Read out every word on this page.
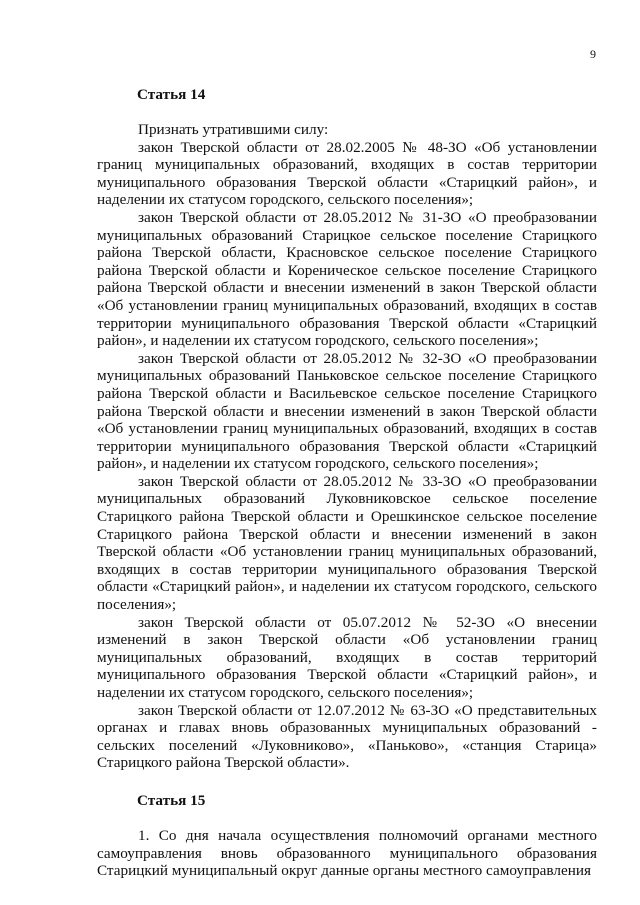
9

Статья 14

Признать утратившими силу:

закон Тверской области от 28.02.2005 № 48-ЗО «Об установлении границ муниципальных образований, входящих в состав территории муниципального образования Тверской области «Старицкий район», и наделении их статусом городского, сельского поселения»;

закон Тверской области от 28.05.2012 № 31-ЗО «О преобразовании муниципальных образований Старицкое сельское поселение Старицкого района Тверской области, Красновское сельское поселение Старицкого района Тверской области и Кореническое сельское поселение Старицкого района Тверской области и внесении изменений в закон Тверской области «Об установлении границ муниципальных образований, входящих в состав территории муниципального образования Тверской области «Старицкий район», и наделении их статусом городского, сельского поселения»;

закон Тверской области от 28.05.2012 № 32-ЗО «О преобразовании муниципальных образований Паньковское сельское поселение Старицкого района Тверской области и Васильевское сельское поселение Старицкого района Тверской области и внесении изменений в закон Тверской области «Об установлении границ муниципальных образований, входящих в состав территории муниципального образования Тверской области «Старицкий район», и наделении их статусом городского, сельского поселения»;

закон Тверской области от 28.05.2012 № 33-ЗО «О преобразовании муниципальных образований Луковниковское сельское поселение Старицкого района Тверской области и Орешкинское сельское поселение Старицкого района Тверской области и внесении изменений в закон Тверской области «Об установлении границ муниципальных образований, входящих в состав территории муниципального образования Тверской области «Старицкий район», и наделении их статусом городского, сельского поселения»;

закон Тверской области от 05.07.2012 № 52-ЗО «О внесении изменений в закон Тверской области «Об установлении границ муниципальных образований, входящих в состав территорий муниципального образования Тверской области «Старицкий район», и наделении их статусом городского, сельского поселения»;

закон Тверской области от 12.07.2012 № 63-ЗО «О представительных органах и главах вновь образованных муниципальных образований - сельских поселений «Луковниково», «Паньково», «станция Старица» Старицкого района Тверской области».

Статья 15

1. Со дня начала осуществления полномочий органами местного самоуправления вновь образованного муниципального образования Старицкий муниципальный округ данные органы местного самоуправления
